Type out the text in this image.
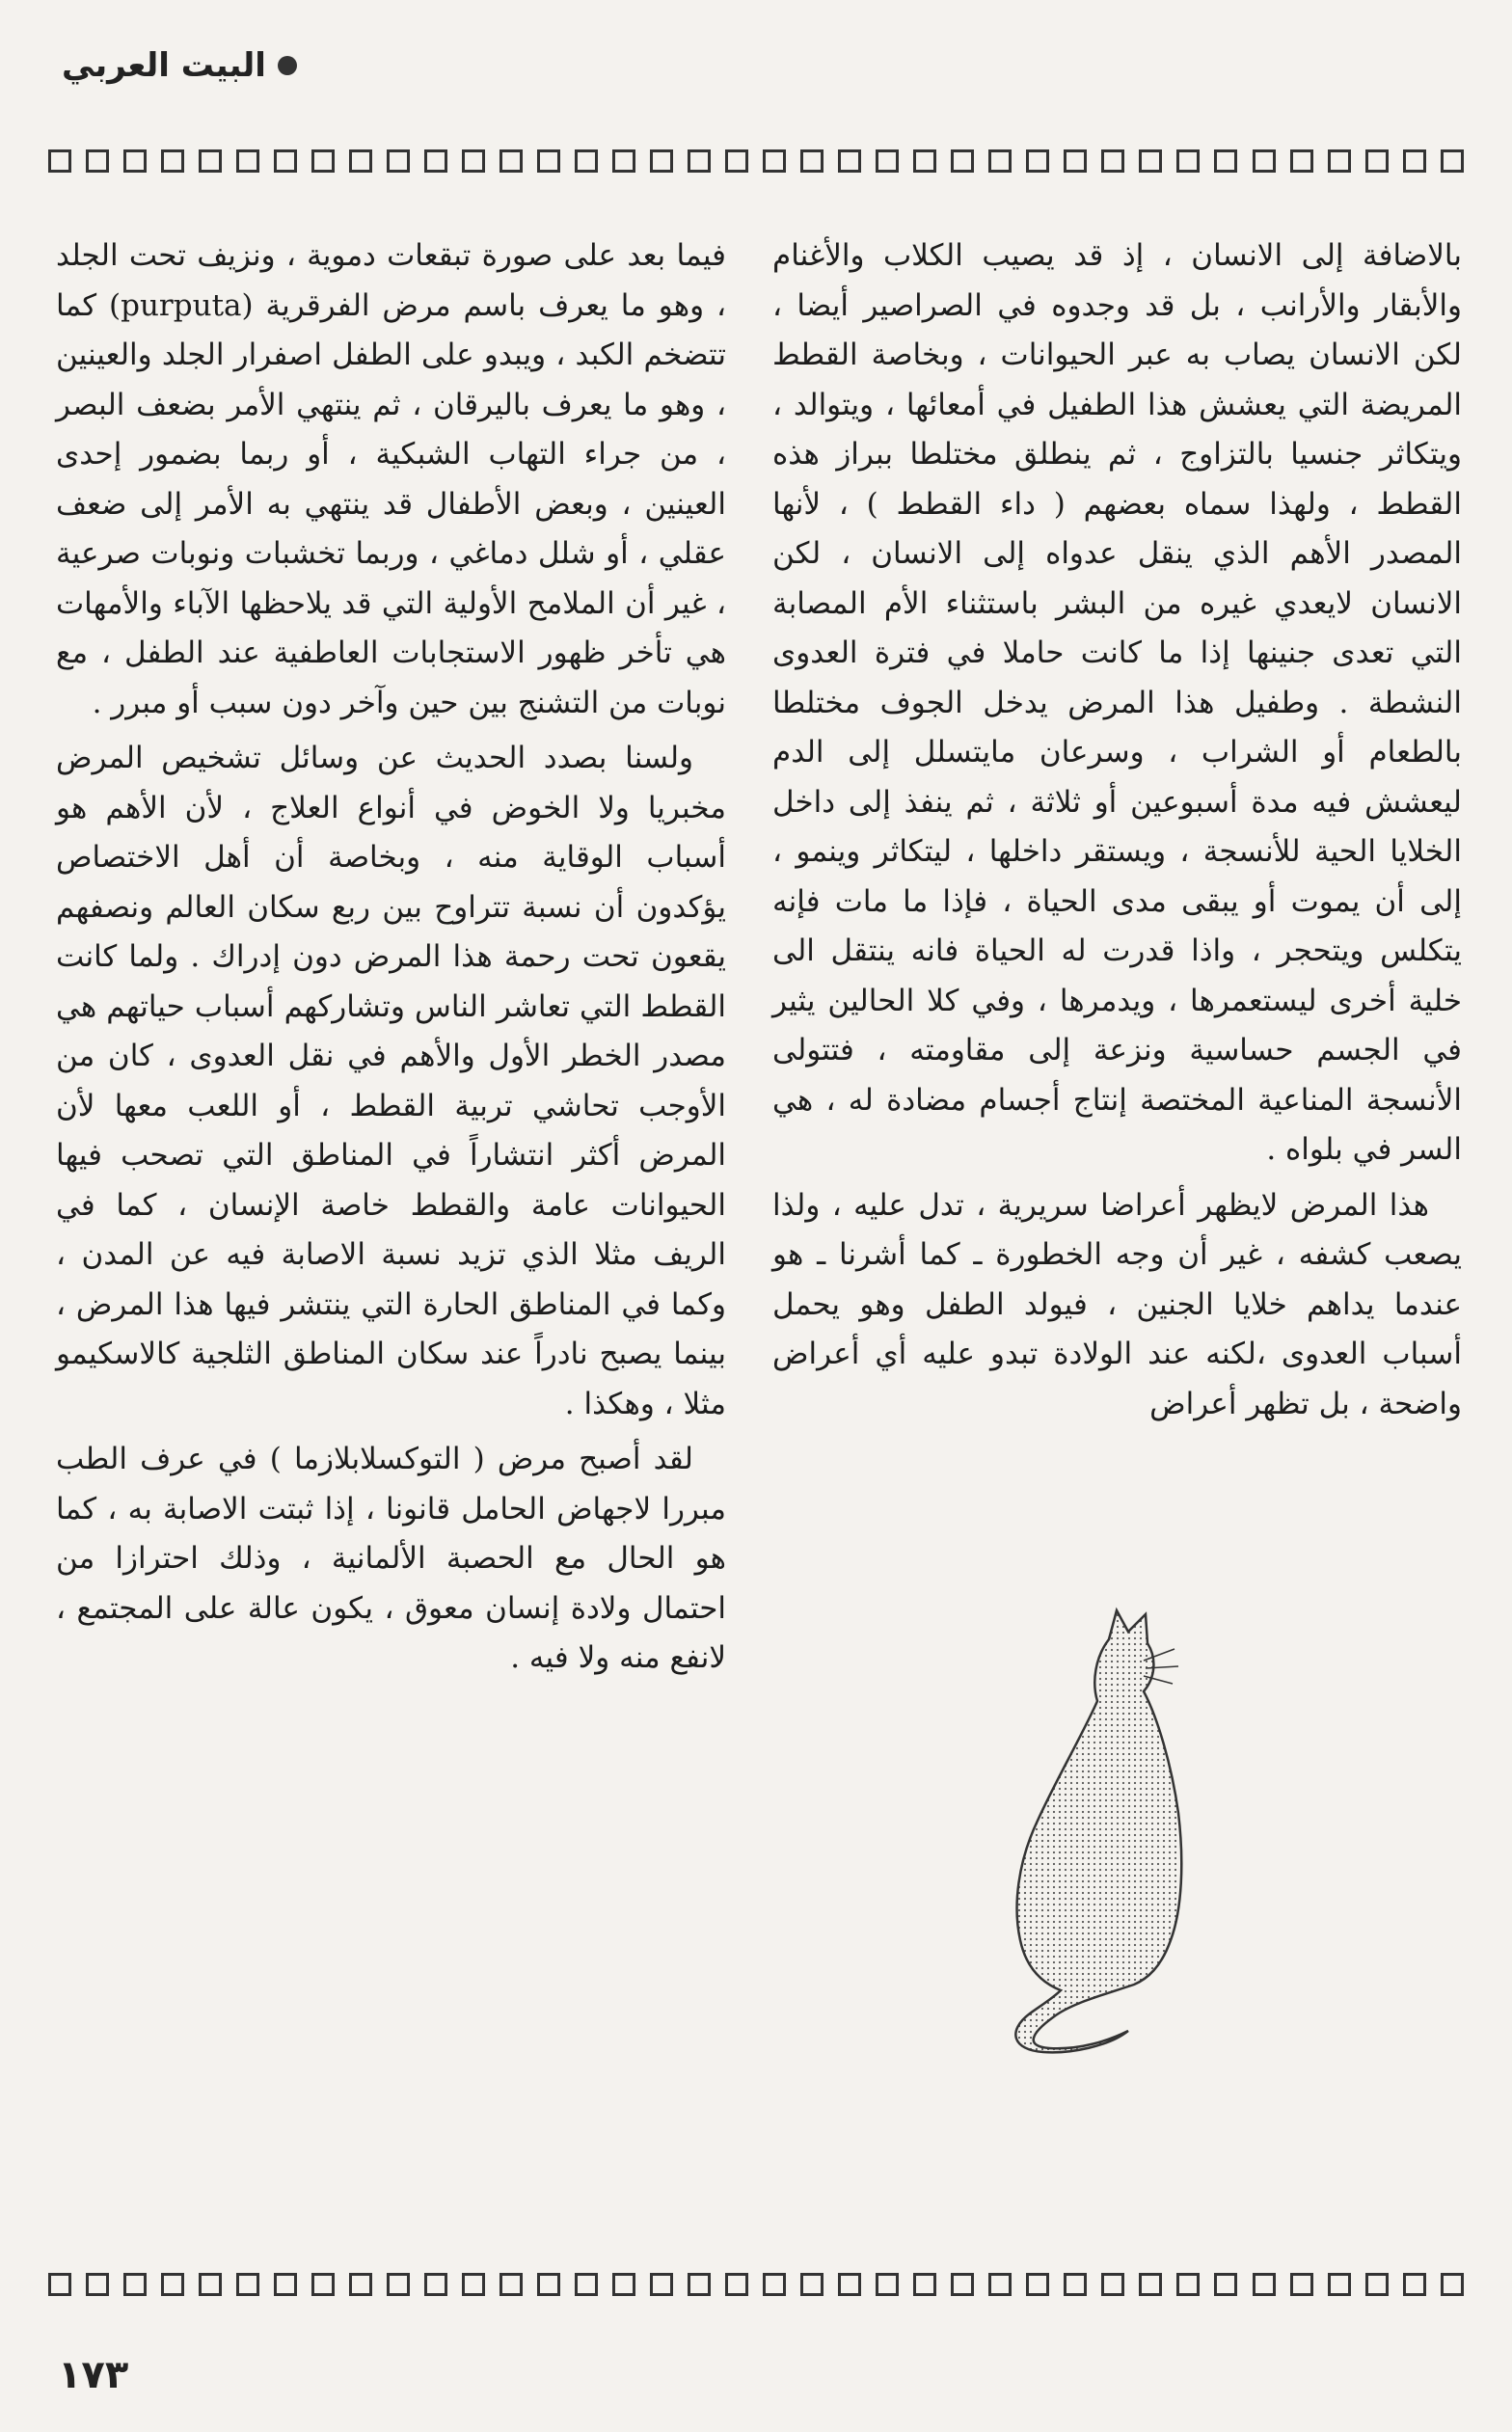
البيت العربي

بالاضافة إلى الانسان ، إذ قد يصيب الكلاب والأغنام والأبقار والأرانب ، بل قد وجدوه في الصراصير أيضا ، لكن الانسان يصاب به عبر الحيوانات ، وبخاصة القطط المريضة التي يعشش هذا الطفيل في أمعائها ، ويتوالد ، ويتكاثر جنسيا بالتزاوج ، ثم ينطلق مختلطا ببراز هذه القطط ، ولهذا سماه بعضهم ( داء القطط ) ، لأنها المصدر الأهم الذي ينقل عدواه إلى الانسان ، لكن الانسان لايعدي غيره من البشر باستثناء الأم المصابة التي تعدى جنينها إذا ما كانت حاملا في فترة العدوى النشطة . وطفيل هذا المرض يدخل الجوف مختلطا بالطعام أو الشراب ، وسرعان مايتسلل إلى الدم ليعشش فيه مدة أسبوعين أو ثلاثة ، ثم ينفذ إلى داخل الخلايا الحية للأنسجة ، ويستقر داخلها ، ليتكاثر وينمو ، إلى أن يموت أو يبقى مدى الحياة ، فإذا ما مات فإنه يتكلس ويتحجر ، واذا قدرت له الحياة فانه ينتقل الى خلية أخرى ليستعمرها ، ويدمرها ، وفي كلا الحالين يثير في الجسم حساسية ونزعة إلى مقاومته ، فتتولى الأنسجة المناعية المختصة إنتاج أجسام مضادة له ، هي السر في بلواه .

هذا المرض لايظهر أعراضا سريرية ، تدل عليه ، ولذا يصعب كشفه ، غير أن وجه الخطورة ـ كما أشرنا ـ هو عندما يداهم خلايا الجنين ، فيولد الطفل وهو يحمل أسباب العدوى ،لكنه عند الولادة تبدو عليه أي أعراض واضحة ، بل تظهر أعراض

فيما بعد على صورة تبقعات دموية ، ونزيف تحت الجلد ، وهو ما يعرف باسم مرض الفرقرية (purputa) كما تتضخم الكبد ، ويبدو على الطفل اصفرار الجلد والعينين ، وهو ما يعرف باليرقان ، ثم ينتهي الأمر بضعف البصر ، من جراء التهاب الشبكية ، أو ربما بضمور إحدى العينين ، وبعض الأطفال قد ينتهي به الأمر إلى ضعف عقلي ، أو شلل دماغي ، وربما تخشبات ونوبات صرعية ، غير أن الملامح الأولية التي قد يلاحظها الآباء والأمهات هي تأخر ظهور الاستجابات العاطفية عند الطفل ، مع نوبات من التشنج بين حين وآخر دون سبب أو مبرر .

ولسنا بصدد الحديث عن وسائل تشخيص المرض مخبريا ولا الخوض في أنواع العلاج ، لأن الأهم هو أسباب الوقاية منه ، وبخاصة أن أهل الاختصاص يؤكدون أن نسبة تتراوح بين ربع سكان العالم ونصفهم يقعون تحت رحمة هذا المرض دون إدراك . ولما كانت القطط التي تعاشر الناس وتشاركهم أسباب حياتهم هي مصدر الخطر الأول والأهم في نقل العدوى ، كان من الأوجب تحاشي تربية القطط ، أو اللعب معها لأن المرض أكثر انتشاراً في المناطق التي تصحب فيها الحيوانات عامة والقطط خاصة الإنسان ، كما في الريف مثلا الذي تزيد نسبة الاصابة فيه عن المدن ، وكما في المناطق الحارة التي ينتشر فيها هذا المرض ، بينما يصبح نادراً عند سكان المناطق الثلجية كالاسكيمو مثلا ، وهكذا .

لقد أصبح مرض ( التوكسلابلازما ) في عرف الطب مبررا لاجهاض الحامل قانونا ، إذا ثبتت الاصابة به ، كما هو الحال مع الحصبة الألمانية ، وذلك احترازا من احتمال ولادة إنسان معوق ، يكون عالة على المجتمع ، لانفع منه ولا فيه .

١٧٣
